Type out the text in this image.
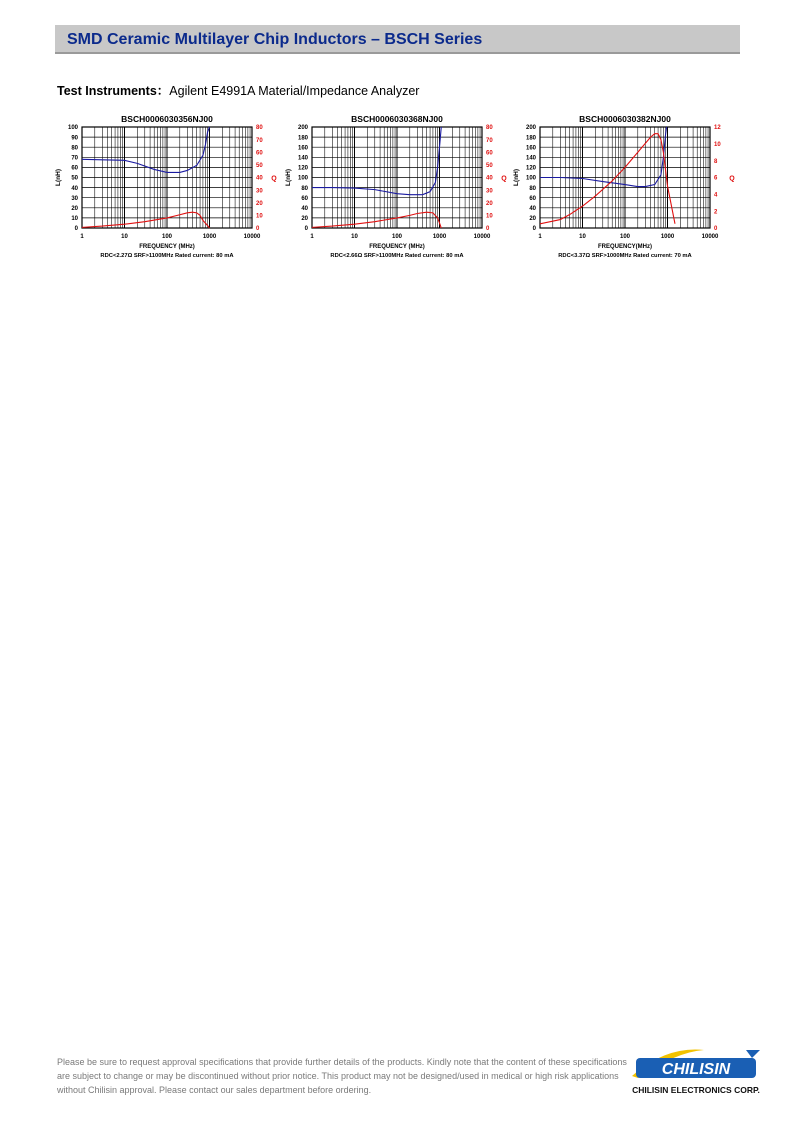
SMD Ceramic Multilayer Chip Inductors – BSCH Series
Test Instruments：Agilent E4991A Material/Impedance Analyzer
BSCH0006030356NJ00
0
10
20
30
40
50
60
70
80
90
100
0
10
20
30
40
50
60
70
80
1	10	100	1000	10000
L(nH)	Q
FREQUENCY (MHz)
RDC<2.27Ω SRF>1100MHz Rated current: 80 mA
BSCH0006030368NJ00
0
20
40
60
80
100
120
140
160
180
200
0
10
20
30
40
50
60
70
80
1	10	100	1000	10000
L(nH)	Q
FREQUENCY (MHz)
RDC<2.66Ω SRF>1100MHz Rated current: 80 mA
BSCH0006030382NJ00
0
20
40
60
80
100
120
140
160
180
200
0
2
4
6
8
10
12
1	10	100	1000	10000
L(nH)	Q
FREQUENCY(MHz)
RDC<3.37Ω SRF>1000MHz Rated current: 70 mA
Please be sure to request approval specifications that provide further details of the products. Kindly note that the content of these specifications are subject to change or may be discontinued without prior notice. This product may not be designed/used in medical or high risk applications without Chilisin approval. Please contact our sales department before ordering.
CHILISIN
CHILISIN ELECTRONICS CORP.
